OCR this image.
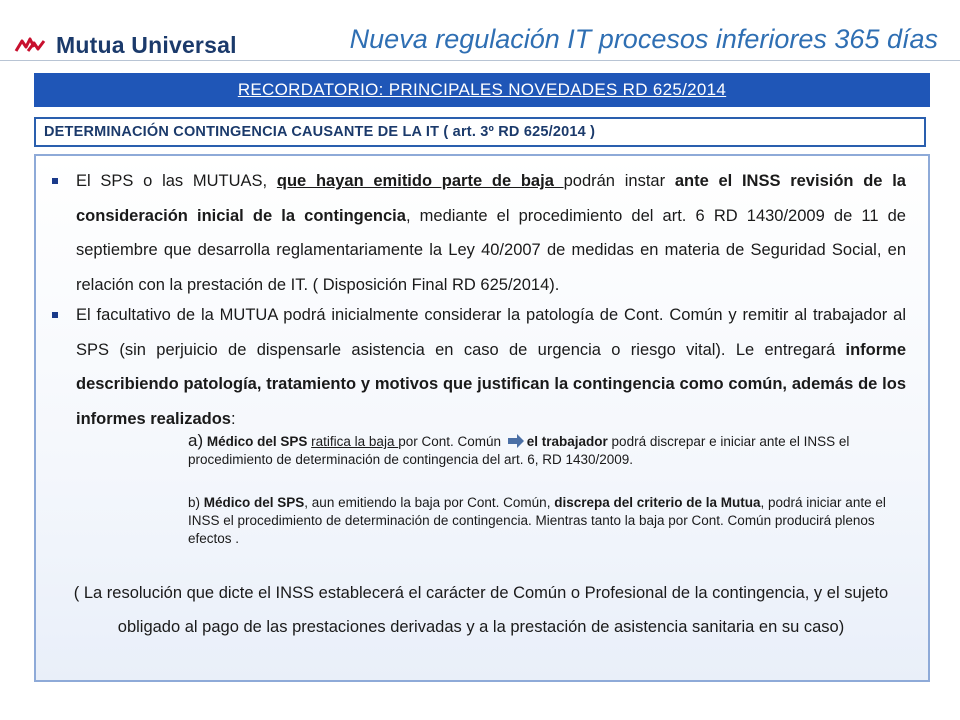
Mutua Universal	Nueva regulación IT procesos inferiores 365 días
RECORDATORIO: PRINCIPALES NOVEDADES RD 625/2014
DETERMINACIÓN CONTINGENCIA CAUSANTE DE LA IT ( art. 3º RD 625/2014 )
El SPS o las MUTUAS, que hayan emitido parte de baja podrán instar ante el INSS revisión de la consideración inicial de la contingencia, mediante el procedimiento del art. 6 RD 1430/2009 de 11 de septiembre que desarrolla reglamentariamente la Ley 40/2007 de medidas en materia de Seguridad Social, en relación con la prestación de IT. ( Disposición Final RD 625/2014).
El facultativo de la MUTUA podrá inicialmente considerar la patología de Cont. Común y remitir al trabajador al SPS (sin perjuicio de dispensarle asistencia en caso de urgencia o riesgo vital). Le entregará informe describiendo patología, tratamiento y motivos que justifican la contingencia como común, además de los informes realizados:
a) Médico del SPS ratifica la baja por Cont. Común el trabajador podrá discrepar e iniciar ante el INSS el procedimiento de determinación de contingencia del art. 6, RD 1430/2009.
b) Médico del SPS, aun emitiendo la baja por Cont. Común, discrepa del criterio de la Mutua, podrá iniciar ante el INSS el procedimiento de determinación de contingencia. Mientras tanto la baja por Cont. Común producirá plenos efectos .
( La resolución que dicte el INSS establecerá el carácter de Común o Profesional de la contingencia, y el sujeto obligado al pago de las prestaciones derivadas y a la prestación de asistencia sanitaria en su caso)
